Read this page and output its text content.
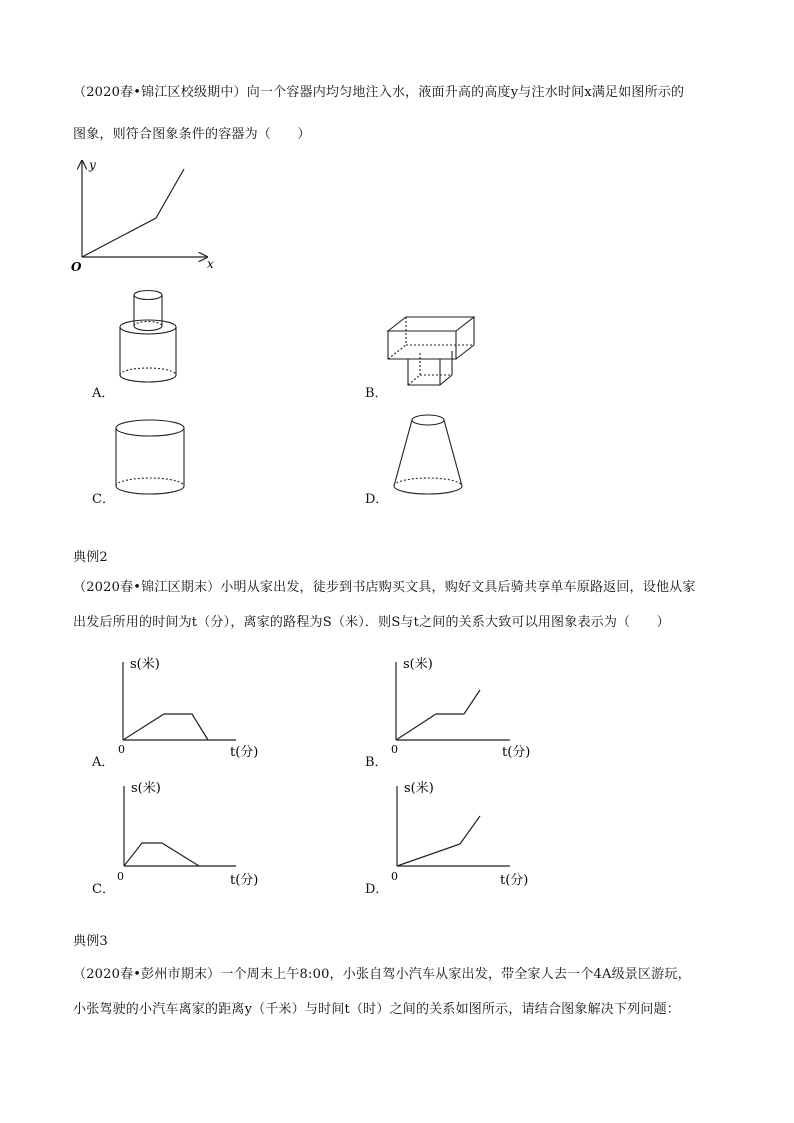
（2020春•锦江区校级期中）向一个容器内均匀地注入水，液面升高的高度y与注水时间x满足如图所示的
图象，则符合图象条件的容器为（　　）
y
x
O
A．	B．
C．	D．
典例2
（2020春•锦江区期末）小明从家出发，徒步到书店购买文具，购好文具后骑共享单车原路返回，设他从家
出发后所用的时间为t（分），离家的路程为S（米）．则S与t之间的关系大致可以用图象表示为（　　）
s(米)
t(分)
0
A．
s(米)
t(分)
0
B．
s(米)
t(分)
0
C．
s(米)
t(分)
0
D．
典例3
（2020春•彭州市期末）一个周末上午8:00，小张自驾小汽车从家出发，带全家人去一个4A级景区游玩，
小张驾驶的小汽车离家的距离y（千米）与时间t（时）之间的关系如图所示，请结合图象解决下列问题：
